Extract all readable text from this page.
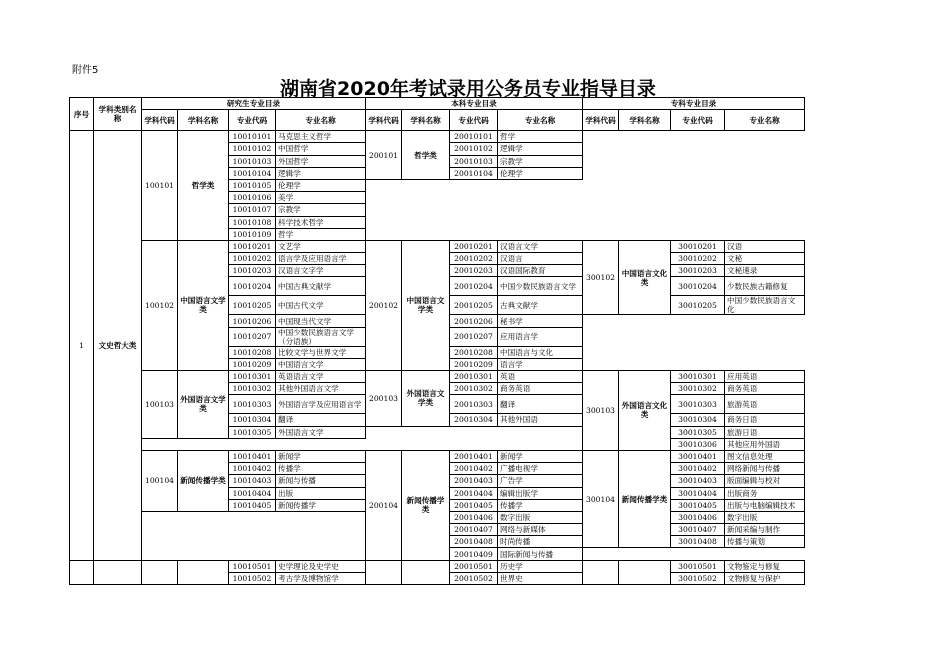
附件5
湖南省2020年考试录用公务员专业指导目录
序号	学科类别名称	研究生专业目录				本科专业目录				专科专业目录			
		学科代码	学科名称	专业代码	专业名称	学科代码	学科名称	专业代码	专业名称	学科代码	学科名称	专业代码	专业名称
1	文史哲大类	100101	哲学类	10010101	马克思主义哲学	200101	哲学类	20010101	哲学				
				10010102	中国哲学			20010102	逻辑学				
				10010103	外国哲学			20010103	宗教学				
				10010104	逻辑学			20010104	伦理学				
				10010105	伦理学								
				10010106	美学								
				10010107	宗教学								
				10010108	科学技术哲学								
				10010109	哲学								
		100102	中国语言文学类	10010201	文艺学	200102	中国语言文学类	20010201	汉语言文学	300102	中国语言文化类	30010201	汉语
				10010202	语言学及应用语言学			20010202	汉语言			30010202	文秘
				10010203	汉语言文字学			20010203	汉语国际教育			30010203	文秘速录
				10010204	中国古典文献学			20010204	中国少数民族语言文学			30010204	少数民族古籍修复
				10010205	中国古代文学			20010205	古典文献学			30010205	中国少数民族语言文化
				10010206	中国现当代文学			20010206	秘书学				
				10010207	中国少数民族语言文学（分语族）			20010207	应用语言学				
				10010208	比较文学与世界文学			20010208	中国语言与文化				
				10010209	中国语言文学			20010209	语言学				
		100103	外国语言文学类	10010301	英语语言文学	200103	外国语言文学类	20010301	英语	300103	外国语言文化类	30010301	应用英语
				10010302	其他外国语言文学			20010302	商务英语			30010302	商务英语
				10010303	外国语言学及应用语言学			20010303	翻译			30010303	旅游英语
				10010304	翻译			20010304	其他外国语			30010304	商务日语
				10010305	外国语言文学							30010305	旅游日语
												30010306	其他应用外国语
		100104	新闻传播学类	10010401	新闻学	200104	新闻传播学类	20010401	新闻学	300104	新闻传播学类	30010401	图文信息处理
				10010402	传播学			20010402	广播电视学			30010402	网络新闻与传播
				10010403	新闻与传播			20010403	广告学			30010403	版面编辑与校对
				10010404	出版			20010404	编辑出版学			30010404	出版商务
				10010405	新闻传播学			20010405	传播学			30010405	出版与电脑编辑技术
								20010406	数字出版			30010406	数字出版
								20010407	网络与新媒体			30010407	新闻采编与制作
								20010408	时尚传播			30010408	传播与策划
								20010409	国际新闻与传播				
				10010501	史学理论及史学史			20010501	历史学			30010501	文物鉴定与修复
				10010502	考古学及博物馆学			20010502	世界史			30010502	文物修复与保护
